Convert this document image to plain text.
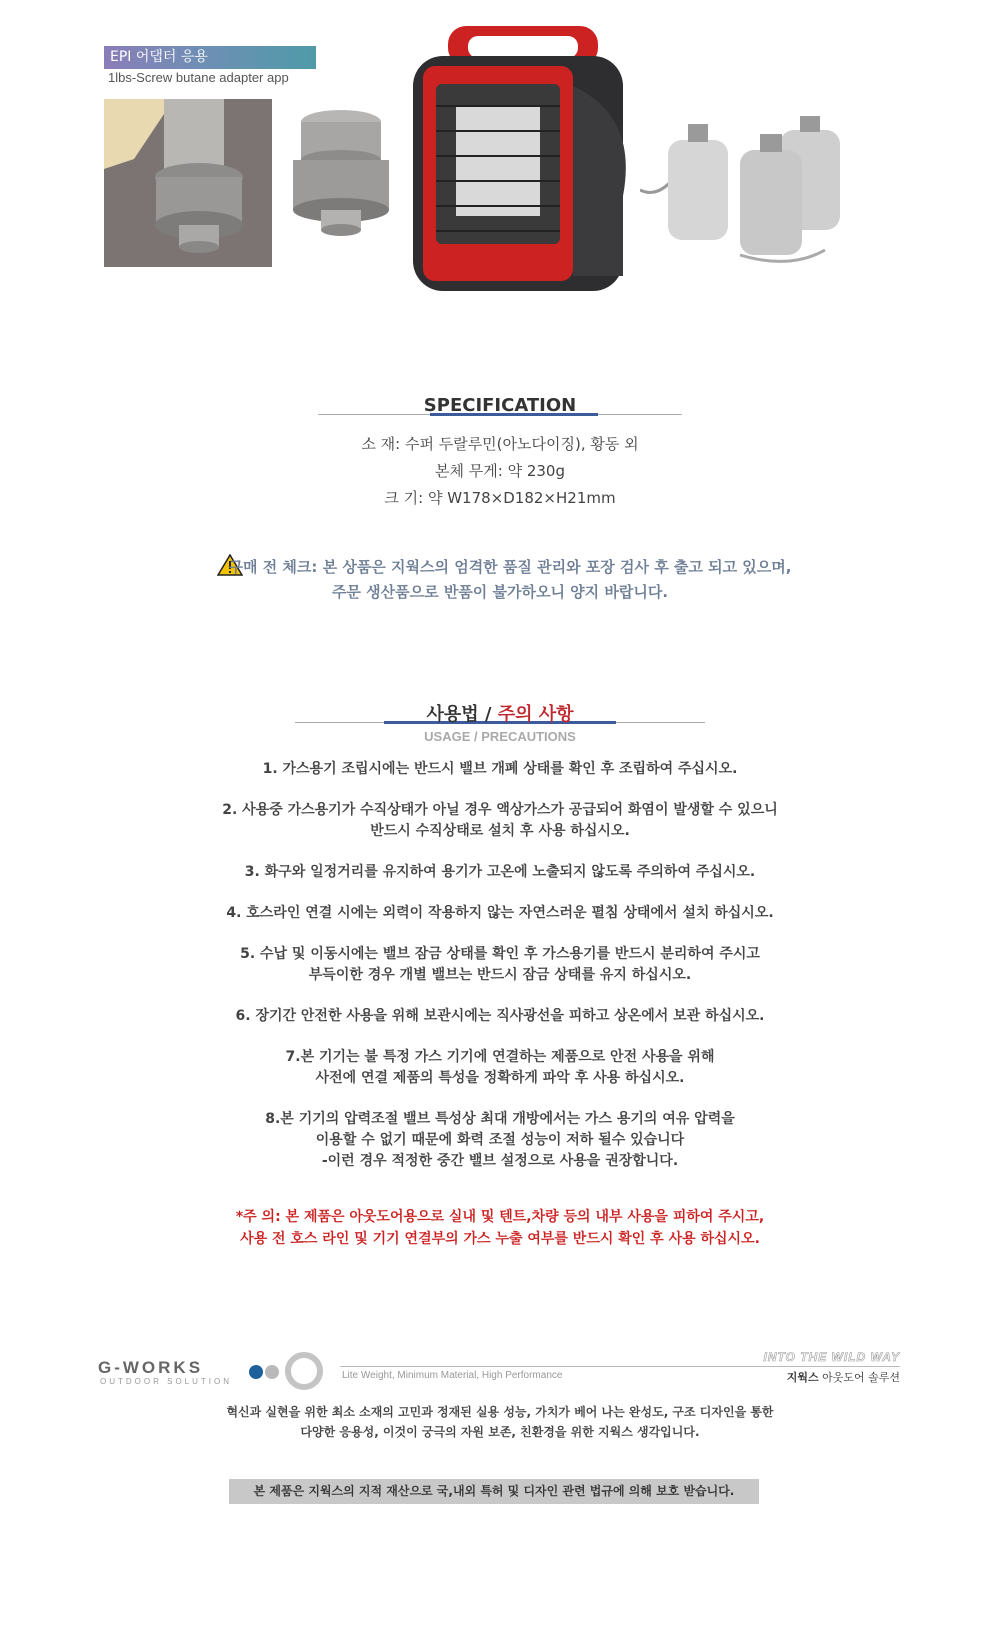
EPI 어댑터 응용
1lbs-Screw butane adapter app
SPECIFICATION
소 재: 수퍼 두랄루민(아노다이징), 황동 외
본체 무게: 약 230g
크 기: 약 W178×D182×H21mm
구매 전 체크: 본 상품은 지웍스의 엄격한 품질 관리와 포장 검사 후 출고 되고 있으며,
주문 생산품으로 반품이 불가하오니 양지 바랍니다.
사용법 / 주의 사항
USAGE / PRECAUTIONS
1. 가스용기 조립시에는 반드시 밸브 개폐 상태를 확인 후 조립하여 주십시오.
2. 사용중 가스용기가 수직상태가 아닐 경우 액상가스가 공급되어 화염이 발생할 수 있으니
반드시 수직상태로 설치 후 사용 하십시오.
3. 화구와 일정거리를 유지하여 용기가 고온에 노출되지 않도록 주의하여 주십시오.
4. 호스라인 연결 시에는 외력이 작용하지 않는 자연스러운 펼침 상태에서 설치 하십시오.
5. 수납 및 이동시에는 밸브 잠금 상태를 확인 후 가스용기를 반드시 분리하여 주시고
부득이한 경우 개별 밸브는 반드시 잠금 상태를 유지 하십시오.
6. 장기간 안전한 사용을 위해 보관시에는 직사광선을 피하고 상온에서 보관 하십시오.
7.본 기기는 불 특정 가스 기기에 연결하는 제품으로 안전 사용을 위해
사전에 연결 제품의 특성을 정확하게 파악 후 사용 하십시오.
8.본 기기의 압력조절 밸브 특성상 최대 개방에서는 가스 용기의 여유 압력을
이용할 수 없기 때문에 화력 조절 성능이 저하 될수 있습니다
-이런 경우 적정한 중간 밸브 설정으로 사용을 권장합니다.
*주 의: 본 제품은 아웃도어용으로 실내 및 텐트,차량 등의 내부 사용을 피하여 주시고,
사용 전 호스 라인 및 기기 연결부의 가스 누출 여부를 반드시 확인 후 사용 하십시오.
G-WORKS
OUTDOOR SOLUTION
Lite Weight, Minimum Material, High Performance
INTO THE WILD WAY
지웍스 아웃도어 솔루션
혁신과 실현을 위한 최소 소재의 고민과 정재된 실용 성능, 가치가 베어 나는 완성도, 구조 디자인을 통한
다양한 응용성, 이것이 궁극의 자원 보존, 친환경을 위한 지웍스 생각입니다.
본 제품은 지웍스의 지적 재산으로 국,내외 특허 및 디자인 관련 법규에 의해 보호 받습니다.
